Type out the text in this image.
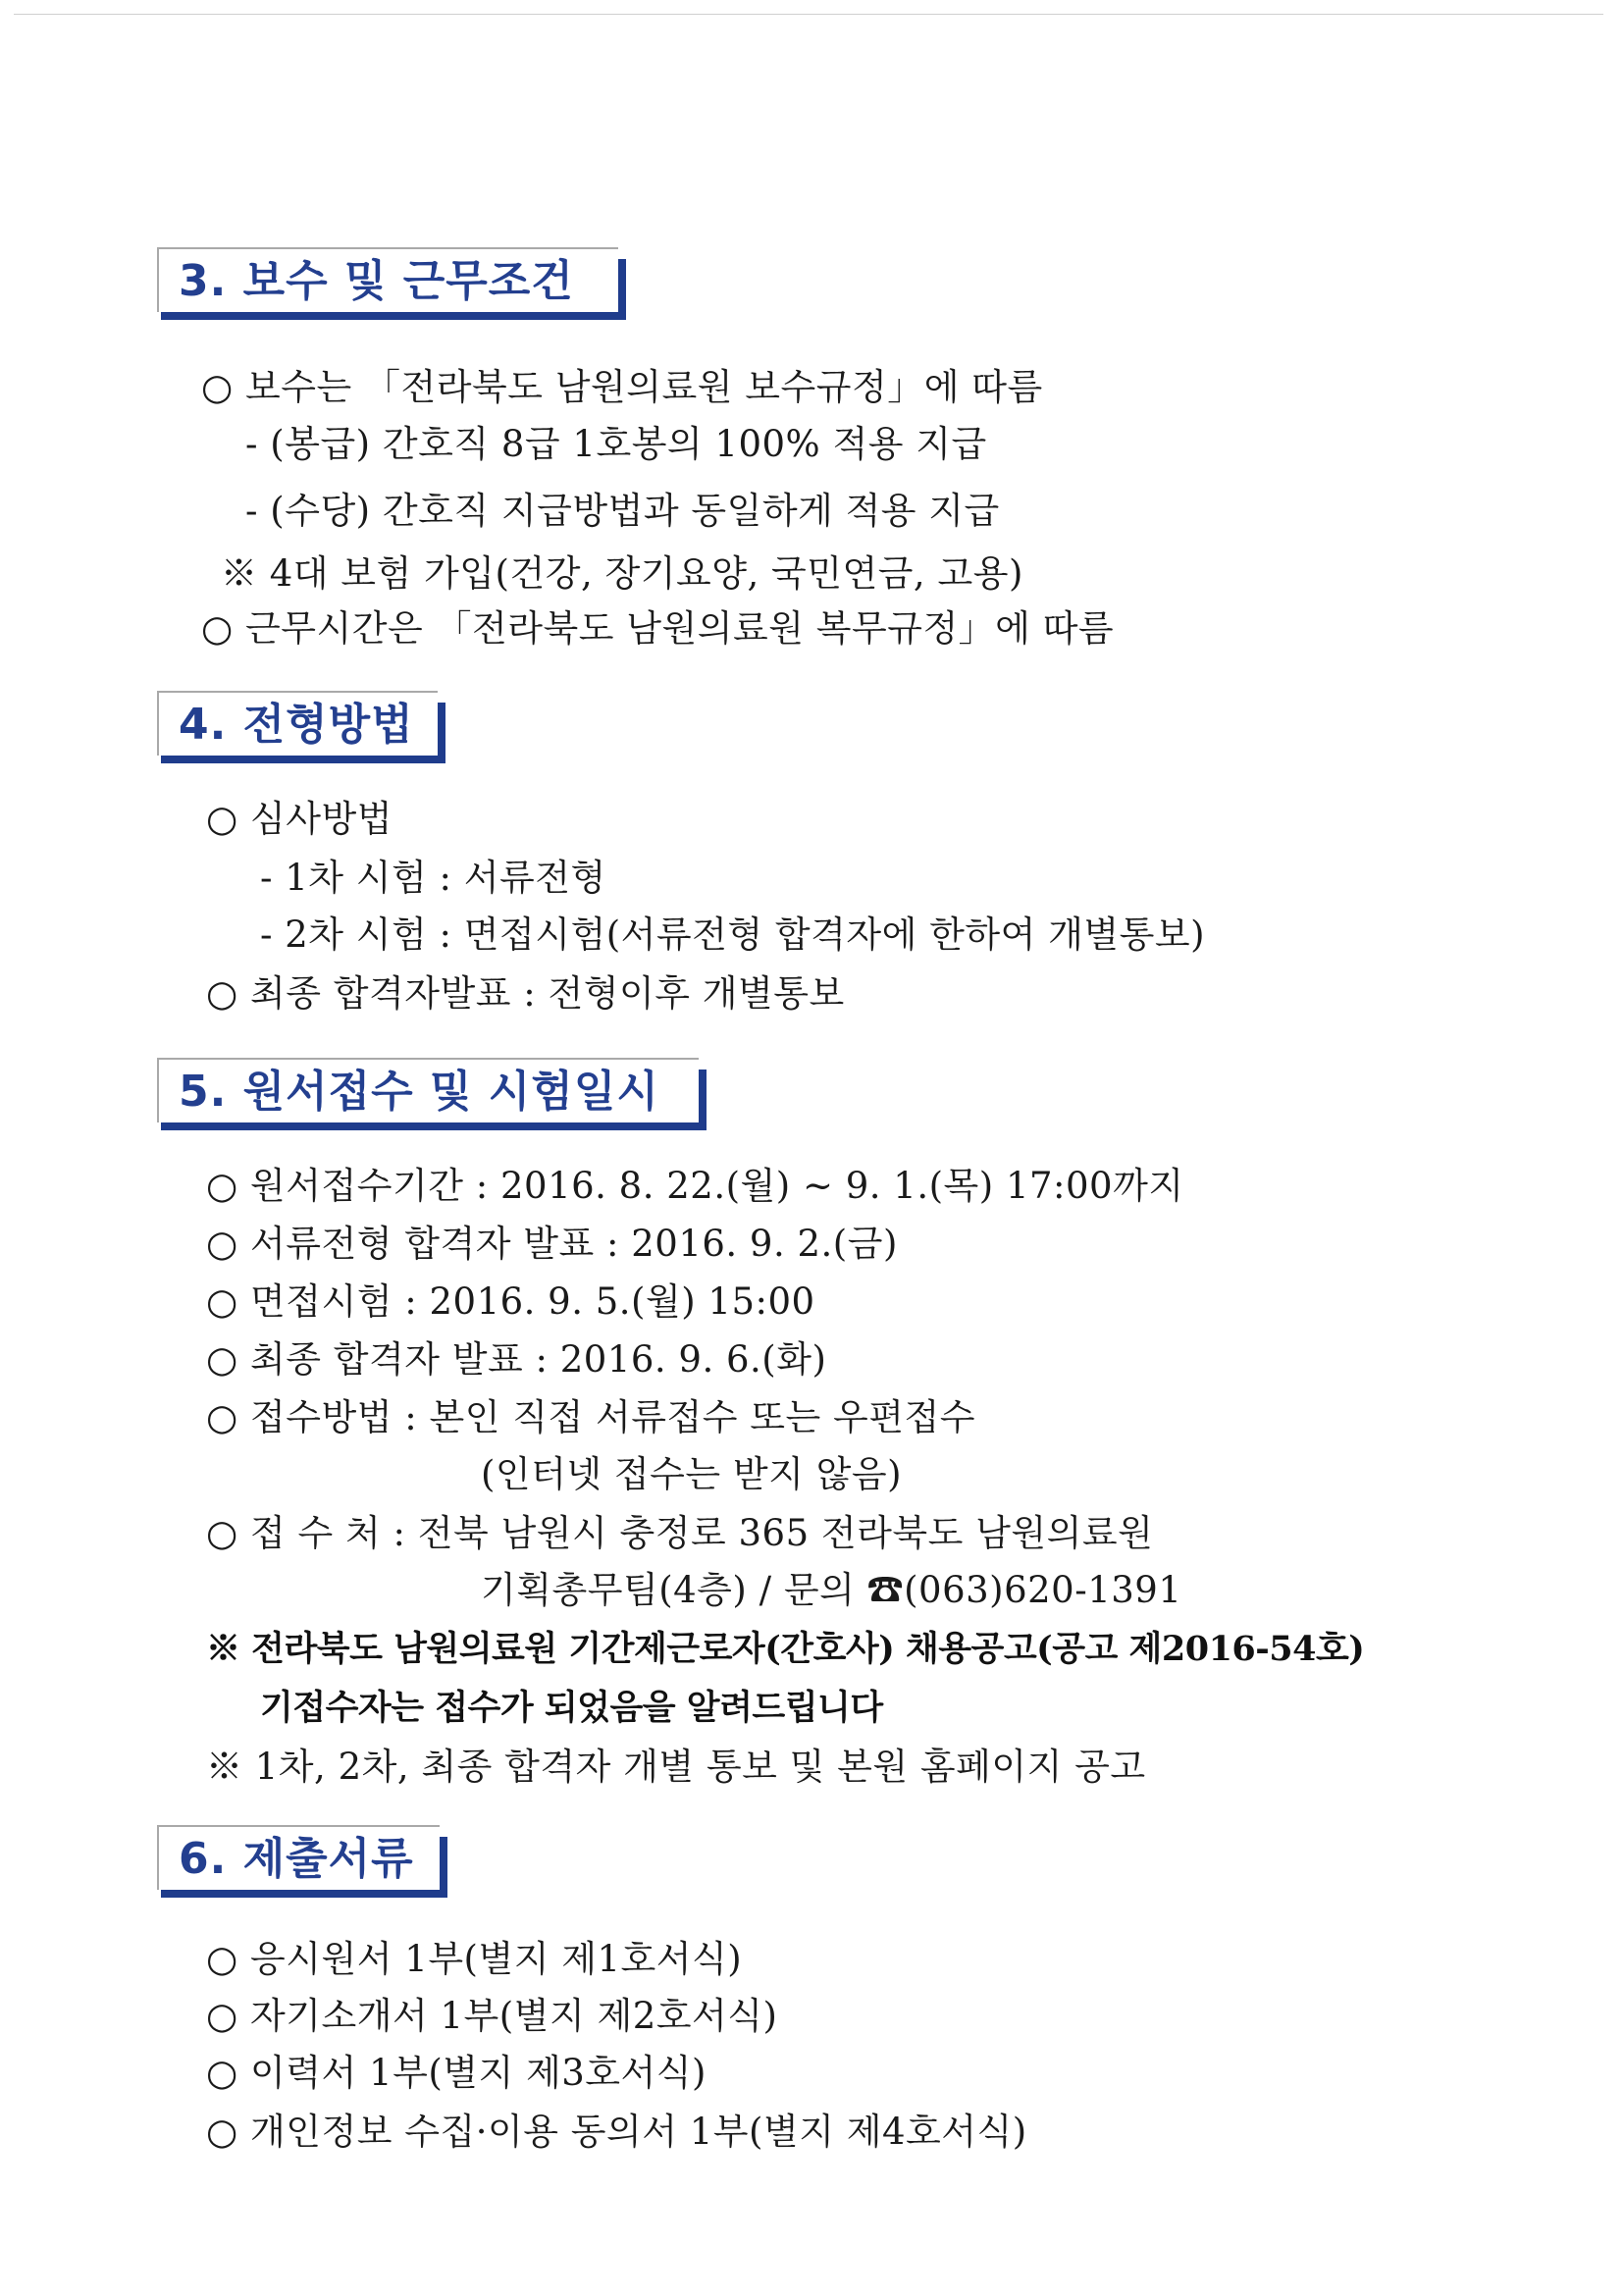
3. 보수 및 근무조건
○ 보수는 「전라북도 남원의료원 보수규정」에 따름
- (봉급) 간호직 8급 1호봉의 100% 적용 지급
- (수당) 간호직 지급방법과 동일하게 적용 지급
※ 4대 보험 가입(건강, 장기요양, 국민연금, 고용)
○ 근무시간은 「전라북도 남원의료원 복무규정」에 따름
4. 전형방법
○ 심사방법
- 1차 시험 : 서류전형
- 2차 시험 : 면접시험(서류전형 합격자에 한하여 개별통보)
○ 최종 합격자발표 : 전형이후 개별통보
5. 원서접수 및 시험일시
○ 원서접수기간 : 2016. 8. 22.(월) ~ 9. 1.(목) 17:00까지
○ 서류전형 합격자 발표 : 2016. 9. 2.(금)
○ 면접시험 : 2016. 9. 5.(월) 15:00
○ 최종 합격자 발표 : 2016. 9. 6.(화)
○ 접수방법 : 본인 직접 서류접수 또는 우편접수
(인터넷 접수는 받지 않음)
○ 접 수 처 : 전북 남원시 충정로 365 전라북도 남원의료원
기획총무팀(4층) / 문의 ☎(063)620-1391
※ 전라북도 남원의료원 기간제근로자(간호사) 채용공고(공고 제2016-54호)
기접수자는 접수가 되었음을 알려드립니다
※ 1차, 2차, 최종 합격자 개별 통보 및 본원 홈페이지 공고
6. 제출서류
○ 응시원서 1부(별지 제1호서식)
○ 자기소개서 1부(별지 제2호서식)
○ 이력서 1부(별지 제3호서식)
○ 개인정보 수집·이용 동의서 1부(별지 제4호서식)
